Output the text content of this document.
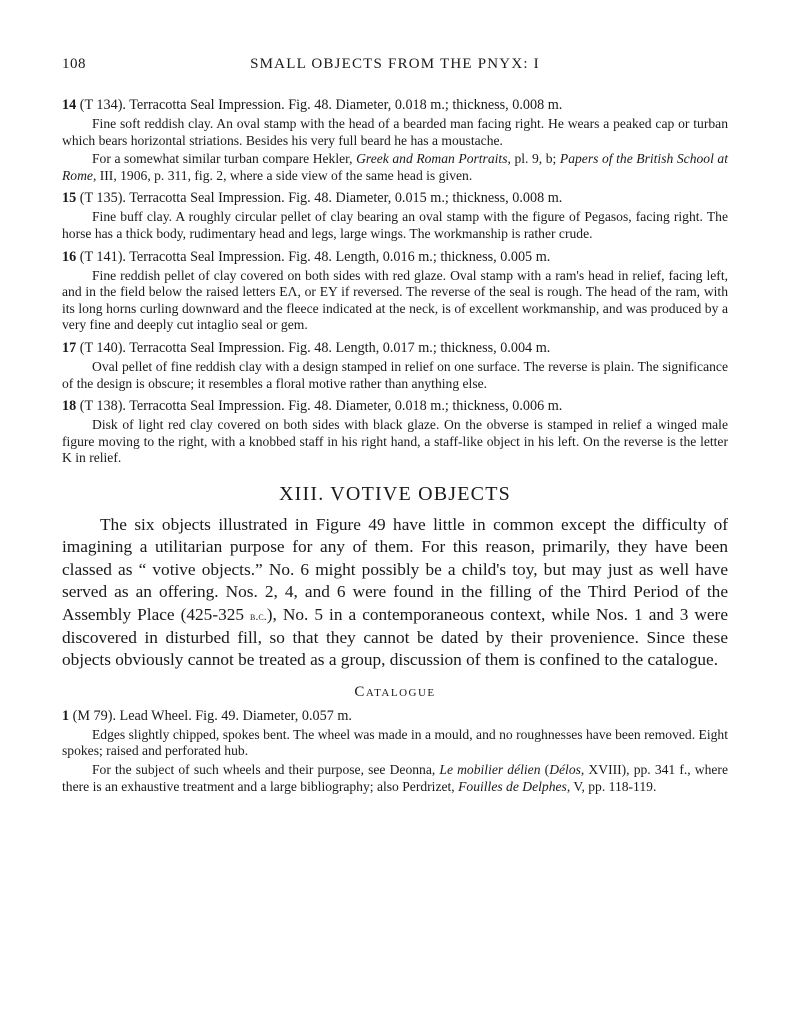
108	SMALL OBJECTS FROM THE PNYX: I
14 (T 134). Terracotta Seal Impression. Fig. 48. Diameter, 0.018 m.; thickness, 0.008 m.

Fine soft reddish clay. An oval stamp with the head of a bearded man facing right. He wears a peaked cap or turban which bears horizontal striations. Besides his very full beard he has a moustache.

For a somewhat similar turban compare Hekler, Greek and Roman Portraits, pl. 9, b; Papers of the British School at Rome, III, 1906, p. 311, fig. 2, where a side view of the same head is given.

15 (T 135). Terracotta Seal Impression. Fig. 48. Diameter, 0.015 m.; thickness, 0.008 m.

Fine buff clay. A roughly circular pellet of clay bearing an oval stamp with the figure of Pegasos, facing right. The horse has a thick body, rudimentary head and legs, large wings. The workmanship is rather crude.

16 (T 141). Terracotta Seal Impression. Fig. 48. Length, 0.016 m.; thickness, 0.005 m.

Fine reddish pellet of clay covered on both sides with red glaze. Oval stamp with a ram's head in relief, facing left, and in the field below the raised letters ΕΛ, or ΕΥ if reversed. The reverse of the seal is rough. The head of the ram, with its long horns curling downward and the fleece indicated at the neck, is of excellent workmanship, and was produced by a very fine and deeply cut intaglio seal or gem.

17 (T 140). Terracotta Seal Impression. Fig. 48. Length, 0.017 m.; thickness, 0.004 m.

Oval pellet of fine reddish clay with a design stamped in relief on one surface. The reverse is plain. The significance of the design is obscure; it resembles a floral motive rather than anything else.

18 (T 138). Terracotta Seal Impression. Fig. 48. Diameter, 0.018 m.; thickness, 0.006 m.

Disk of light red clay covered on both sides with black glaze. On the obverse is stamped in relief a winged male figure moving to the right, with a knobbed staff in his right hand, a staff-like object in his left. On the reverse is the letter Κ in relief.

XIII. VOTIVE OBJECTS

The six objects illustrated in Figure 49 have little in common except the difficulty of imagining a utilitarian purpose for any of them. For this reason, primarily, they have been classed as “ votive objects.” No. 6 might possibly be a child's toy, but may just as well have served as an offering. Nos. 2, 4, and 6 were found in the filling of the Third Period of the Assembly Place (425-325 b.c.), No. 5 in a contemporaneous context, while Nos. 1 and 3 were discovered in disturbed fill, so that they cannot be dated by their provenience. Since these objects obviously cannot be treated as a group, discussion of them is confined to the catalogue.

Catalogue
1 (M 79). Lead Wheel. Fig. 49. Diameter, 0.057 m.

Edges slightly chipped, spokes bent. The wheel was made in a mould, and no roughnesses have been removed. Eight spokes; raised and perforated hub.

For the subject of such wheels and their purpose, see Deonna, Le mobilier délien (Délos, XVIII), pp. 341 f., where there is an exhaustive treatment and a large bibliography; also Perdrizet, Fouilles de Delphes, V, pp. 118-119.
